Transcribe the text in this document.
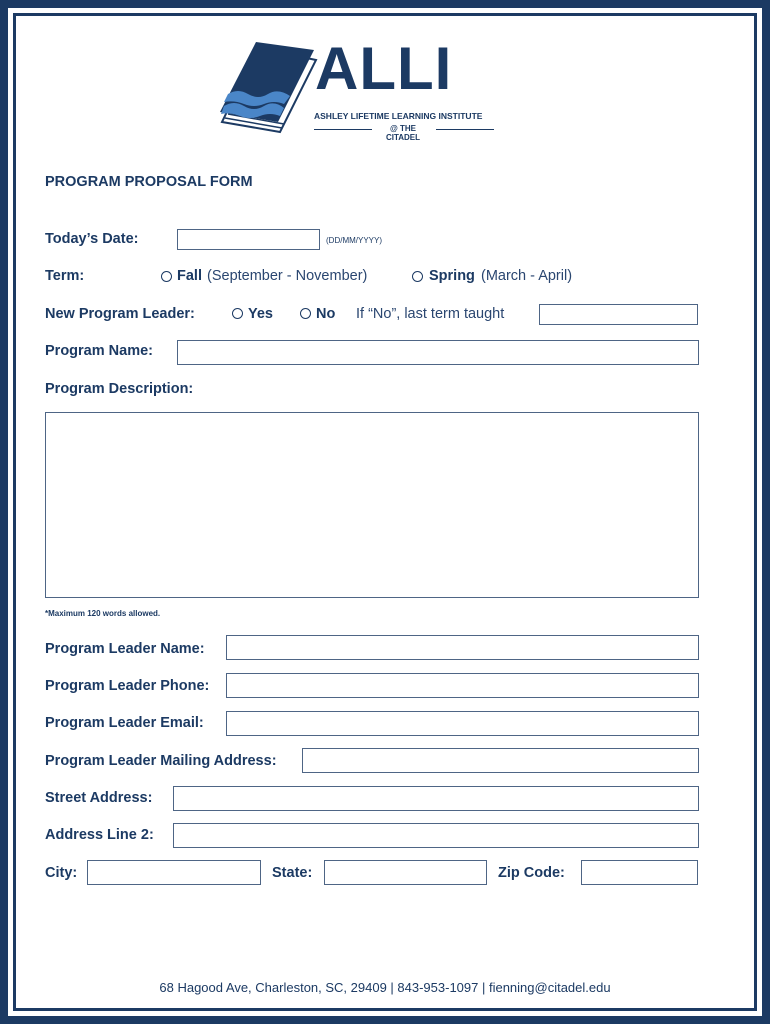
ALLI
ASHLEY LIFETIME LEARNING INSTITUTE
@ THE CITADEL
PROGRAM PROPOSAL FORM
Today’s Date:	(DD/MM/YYYY)
Term:	Fall (September - November)	Spring (March - April)
New Program Leader:	Yes	No If “No”, last term taught
Program Name:
Program Description:
*Maximum 120 words allowed.
Program Leader Name:
Program Leader Phone:
Program Leader Email:
Program Leader Mailing Address:
Street Address:
Address Line 2:
City:	State:	Zip Code:
68 Hagood Ave, Charleston, SC, 29409 | 843-953-1097 | fienning@citadel.edu
